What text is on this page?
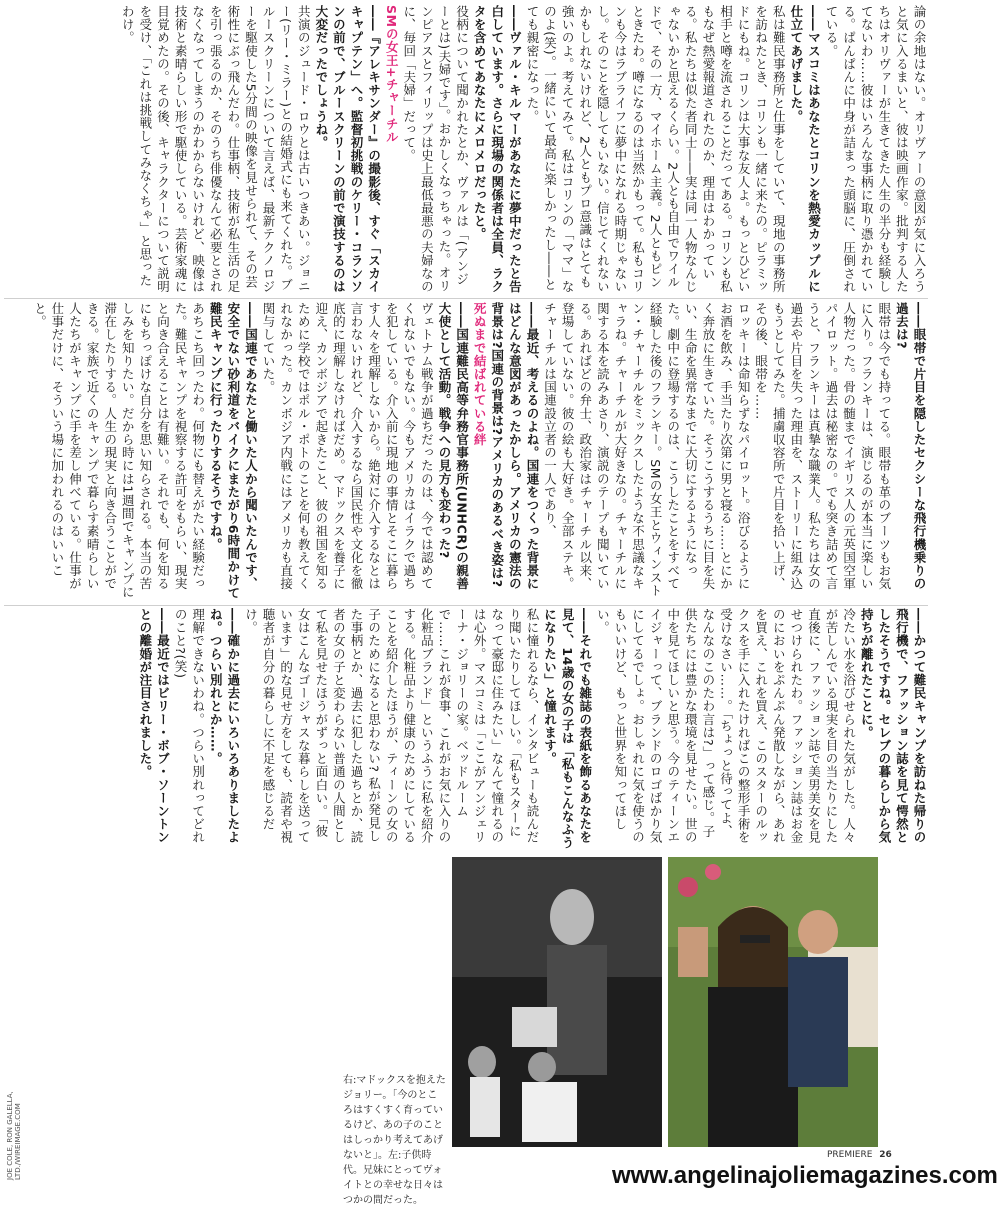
論の余地はない。オリヴァーの意図が気に入ろうと気に入るまいと、彼は映画作家。批判する人たちはオリヴァーが生きてきた人生の半分も経験してないわ……彼はいろんな事柄に取り憑かれている。ぱんぱんに中身が詰まった頭脳に、圧倒されている。

――マスコミはあなたとコリンを熱愛カップルに仕立てあげました。

私は難民事務所と仕事をしていて、現地の事務所を訪ねたとき、コリンも一緒に来たの。ピラミッドにもね。コリンは大事な友人よ。もっとひどい相手と噂を流されることだってある。コリンも私もなぜ熱愛報道されたのか、理由はわかっている。私たちは似た者同士――実は同一人物なんじゃないかと思えるくらい。2人とも自由でワイルドで、その一方、マイホーム主義。2人ともピンときたわ。噂になるのは当然かもって。私もコリンも今はラブライフに夢中になれる時期じゃないし。そのことを隠してもいない。信じてくれないかもしれないけれど、2人ともプロ意識はとても強いのよ。考えてみて。私はコリンの「ママ」なのよ(笑)。一緒にいて最高に楽しかったし――とても親密になった。

――ヴァル・キルマーがあなたに夢中だったと告白しています。さらに現場の関係者は全員、ラクタを含めてあなたにメロメロだったと。

役柄について聞かれたとか、ヴァルは「(アンジーとは)夫婦です」。おかしくなっちゃった。オリンピアスとフィリップは史上最低最悪の夫婦なのに、毎回「夫婦」だって。

SMの女王+チャーチル

――『アレキサンダー』の撮影後、すぐ「スカイキャプテン」へ。監督初挑戦のケリー・コランソンの前で、ブルースクリーンの前で演技するのは大変だったでしょうね。

共演のジュード・ロウとは古いつきあい。ジョニー(リー・ミラー)との結婚式にも来てくれた。ブルースクリーンについて言えば、最新テクノロジーを駆使した5分間の映像を見せられて、その芸術性にぶっ飛んだわ。仕事柄、技術が私生活の足を引っ張るのか、そのうち俳優なんて必要とされなくなってしまうのかわからないけれど、映像は技術と素晴らしい形で駆使している。芸術家魂に目覚めたの。その後、キャラクターについて説明を受け、「これは挑戦してみなくちゃ」と思ったわけ。

――眼帯で片目を隠したセクシーな飛行機乗りの過去は?

眼帯は今でも持ってる。眼帯も革のブーツもお気に入り。フランキーは、演じるのが本当に楽しい人物だった。骨の髄までイギリス人の元英国空軍パイロット。過去は秘密なの。でも突き詰めて言うと、フランキーは真摯な職業人。私たちは女の過去や片目を失った理由を、ストーリーに組み込もうとしてみた。捕虜収容所で片目を拾い上げ、その後、眼帯を……

ロッキーは命知らずなパイロット。浴びるようにお酒を飲み、手当たり次第に男と寝る……とにかく奔放に生きていた。そうこうするうちに目を失い、生命を異常なまでに大切にするようになった。劇中に登場するのは、こうしたことをすべて経験した後のフランキー。SMの女王とウィンストン・チャーチルをミックスしたような不思議なキャラね。チャーチルが大好きなの。チャーチルに関する本を読みあさり、演説のテープも聞いている。あればどの弁士、政治家はチャーチル以来、登場していない。彼の絵も大好き。全部ステキ。チャーチルは国連設立者の一人であり、

――最近、考えるのよね。国連をつくった背景にはどんな意図があったかしら。アメリカの憲法の背景は?国連の背景は?アメリカのあるべき姿は?

死ぬまで結ばれている絆

――国連難民高等弁務官事務所(UNHCR)の親善大使として活動。戦争への見方も変わった?

ヴェトナム戦争が過ちだったのは、今では認めてくれないでもない。今もアメリカはイラクで過ちを犯している。介入前に現地の事情とそこに暮らす人々を理解しないから。絶対に介入するなとは言わないけれど、介入するなら国民性や文化を徹底的に理解しなければだめ。マドックスを養子に迎え、カンボジアで起きたこと、彼の祖国を知るために学校ではポル・ポトのことを何も教えてくれなかった。カンボジア内戦にはアメリカも直接関与していた。

――国連であなたと働いた人から聞いたんです、安全でない砂利道をバイクにまたがり6時間かけて難民キャンプに行ったりするそうですね。

あちこち回ったわ。何物にも替えがたい経験だった。難民キャンプを視察する許可をもらい、現実と向き合えることは有難い。それでも、何を知るにもちっぽけな自分を思い知らされる。本当の苦しみを知りたい。だから時には1週間でキャンプに滞在したりする。人生の現実と向き合うことができる。家族で近くのキャンプで暮らす素晴らしい人たちがキャンプに手を差し伸べている。仕事が仕事だけに、そういう場に加われるのはいいこと。

――かつて難民キャンプを訪ねた帰りの飛行機で、ファッション誌を見て愕然としたそうですね。セレブの暮らしから気持ちが離れたことに。

冷たい水を浴びせられた気がした。人々が苦しんでいる現実を目の当たりにした直後に、ファッション誌で美男美女を見せつけられたわ。ファッション誌はお金のにおいをぷんぷん発散しながら、あれを買え、これを買え、このスターのルックスを手に入れたければこの整形手術を受けなさい……。「ちょっと待ってよ、なんなのこのたわ言は?」って感じ。子供たちには豊かな環境を見せたい。世の中を見てほしいと思う。今のティーンエイジャーって、ブランドのロゴばかり気にしてるでしょ。おしゃれに気を使うのもいいけど、もっと世界を知ってほしい。

――それでも雑誌の表紙を飾るあなたを見て、14歳の女の子は「私もこんなふうになりたい」と憧れます。

私に憧れるなら、インタビューも読んだり聞いたりしてほしい。「私もスターになって豪邸に住みたい」なんて憧れるのは心外。マスコミは「ここがアンジェリーナ・ジョリーの家。ベッドルームで……これが食事、これがお気に入りの化粧品ブランド」というふうに私を紹介する。化粧品より健康のためにしていることを紹介したほうが、ティーンの女の子のためになると思わない? 私が発見した事柄とか、過去に犯した過ちとか、読者の女の子と変わらない普通の人間として私を見せたほうがずっと面白い。「彼女はこんなゴージャスな暮らしを送っています」的な見せ方をしても、読者や視聴者が自分の暮らしに不足を感じるだけ。

――確かに過去にいろいろありましたよね。つらい別れとか……。

理解できないわね。つらい別れってどれのこと?(笑)

――最近ではビリー・ボブ・ソーントンとの離婚が注目されました。

右:マドックスを抱えたジョリー。「今のところはすくすく育っているけど、あの子のことはしっかり考えてあげないと」。左:子供時代。兄妹にとってヴォイトとの幸せな日々はつかの間だった。
JOE COLE, RON GALELLA, LTD./WIREIMAGE.COM	PREMIERE 26
www.angelinajoliemagazines.com
